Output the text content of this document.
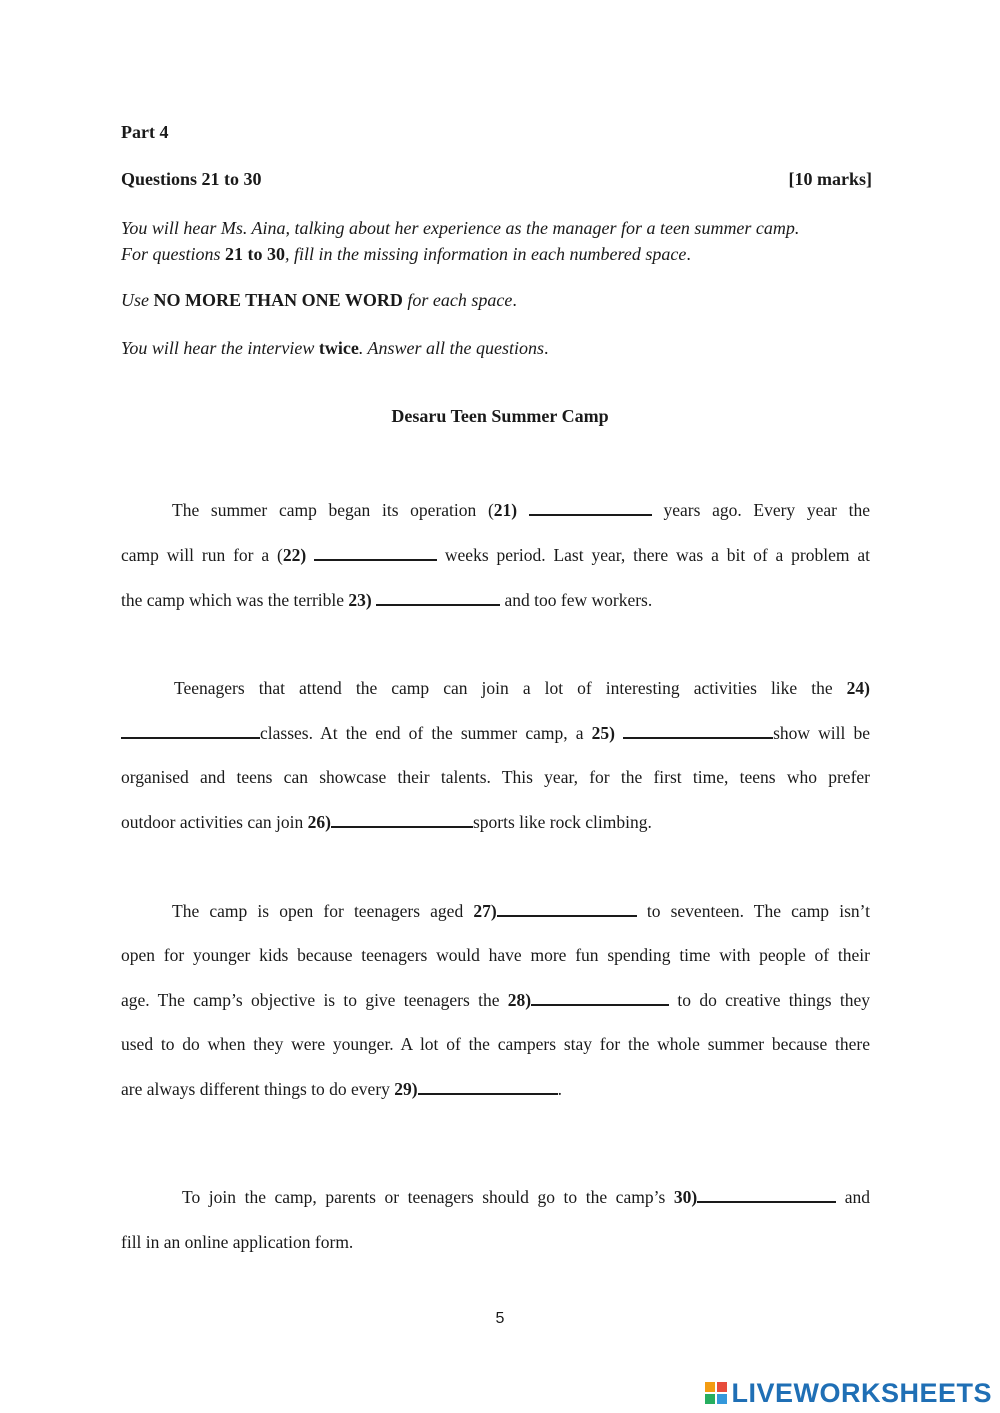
Part 4
Questions 21 to 30	[10 marks]
You will hear Ms. Aina, talking about her experience as the manager for a teen summer camp.
For questions 21 to 30, fill in the missing information in each numbered space.
Use NO MORE THAN ONE WORD for each space.
You will hear the interview twice. Answer all the questions.
Desaru Teen Summer Camp
The summer camp began its operation (21)	years ago. Every year the
camp will run for a (22)	weeks period. Last year, there was a bit of a problem at
the camp which was the terrible 23)	and too few workers.
Teenagers that attend the camp can join a lot of interesting activities like the 24)
classes. At the end of the summer camp, a 25)	show will be
organised and teens can showcase their talents. This year, for the first time, teens who prefer
outdoor activities can join 26)	sports like rock climbing.
The camp is open for teenagers aged 27)	to seventeen. The camp isn’t
open for younger kids because teenagers would have more fun spending time with people of their
age. The camp’s objective is to give teenagers the 28)	to do creative things they
used to do when they were younger. A lot of the campers stay for the whole summer because there
are always different things to do every 29)	.
To join the camp, parents or teenagers should go to the camp’s 30)	and
fill in an online application form.
5
LIVEWORKSHEETS
